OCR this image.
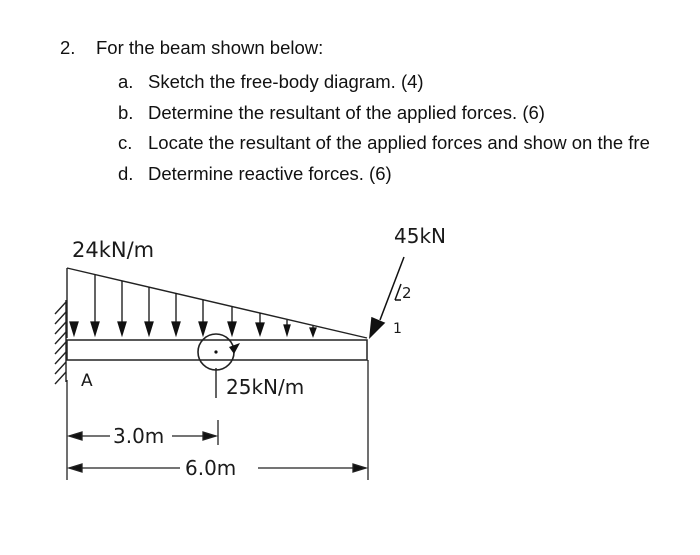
2. For the beam shown below:
a. Sketch the free-body diagram. (4)
b. Determine the resultant of the applied forces. (6)
c. Locate the resultant of the applied forces and show on the fre
d. Determine reactive forces. (6)
24kN/m
45kN
2
1
A	25kN/m
3.0m
6.0m
